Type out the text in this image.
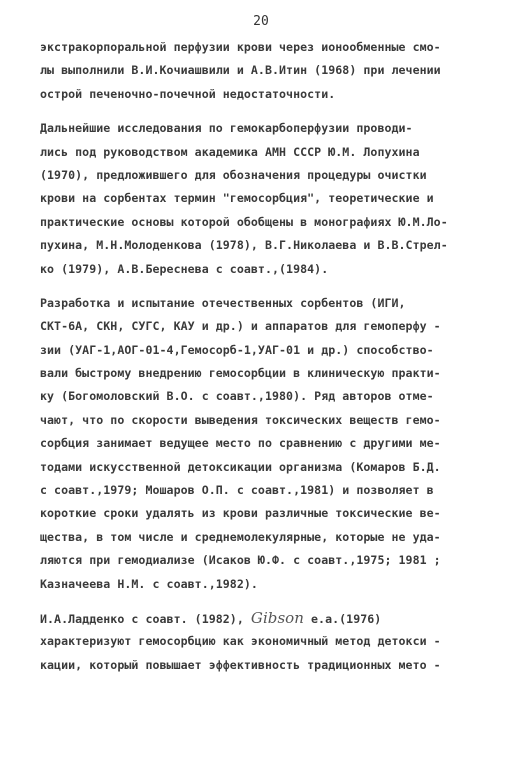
20
экстракорпоральной перфузии крови через ионообменные смо-
лы выполнили В.И.Кочиашвили и А.В.Итин (1968) при лечении
острой печеночно-почечной недостаточности.
Дальнейшие исследования по гемокарбоперфузии проводи-
лись под руководством академика АМН СССР Ю.М. Лопухина
(1970), предложившего для обозначения процедуры очистки
крови на сорбентах термин "гемосорбция", теоретические и
практические основы которой обобщены в монографиях Ю.М.Ло-
пухина, М.Н.Молоденкова (1978), В.Г.Николаева и В.В.Стрел-
ко (1979), А.В.Береснева с соавт.,(1984).
Разработка и испытание отечественных сорбентов (ИГИ,
СКТ-6А, СКН, СУГС, КАУ и др.) и аппаратов для гемоперфу -
зии (УАГ-1,АОГ-01-4,Гемосорб-1,УАГ-01 и др.) способство-
вали быстрому внедрению гемосорбции в клиническую практи-
ку (Богомоловский В.О. с соавт.,1980). Ряд авторов отме-
чают, что по скорости выведения токсических веществ гемо-
сорбция занимает ведущее место по сравнению с другими ме-
тодами искусственной детоксикации организма (Комаров Б.Д.
с соавт.,1979; Мошаров О.П. с соавт.,1981) и позволяет в
короткие сроки удалять из крови различные токсические ве-
щества, в том числе и среднемолекулярные, которые не уда-
ляются при гемодиализе (Исаков Ю.Ф. с соавт.,1975; 1981 ;
Казначеева Н.М. с соавт.,1982).
И.А.Ладденко с соавт. (1982), Gibson e.a.(1976)
характеризуют гемосорбцию как экономичный метод детокси -
кации, который повышает эффективность традиционных мето -
